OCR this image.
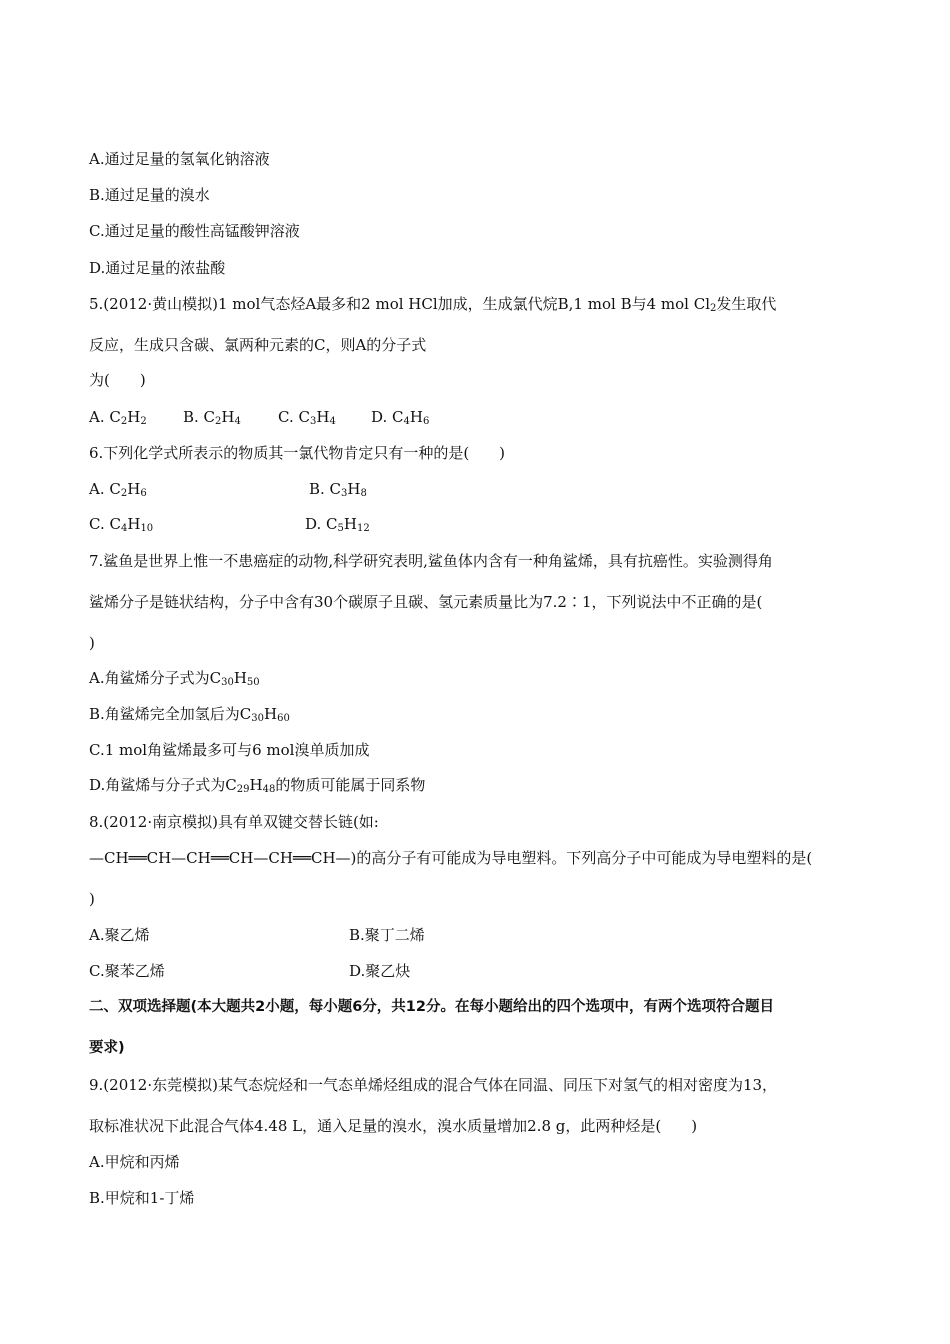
A.通过足量的氢氧化钠溶液

B.通过足量的溴水

C.通过足量的酸性高锰酸钾溶液

D.通过足量的浓盐酸

5.(2012·黄山模拟)1 mol气态烃A最多和2 mol HCl加成，生成氯代烷B,1 mol B与4 mol $Cl_2$发生取代

反应，生成只含碳、氯两种元素的C，则A的分子式

为(　　)

A. $C_2H_2$ B. $C_2H_4$ C. $C_3H_4$ D. $C_4H_6$

6.下列化学式所表示的物质其一氯代物肯定只有一种的是(　　)

A. $C_2H_6$	B. $C_3H_8$
C. $C_4H_{10}$	D. $C_5H_{12}$

7.鲨鱼是世界上惟一不患癌症的动物,科学研究表明,鲨鱼体内含有一种角鲨烯，具有抗癌性。实验测得角

鲨烯分子是链状结构，分子中含有30个碳原子且碳、氢元素质量比为7.2∶1，下列说法中不正确的是(

)

A.角鲨烯分子式为$C_{30}H_{50}$
B.角鲨烯完全加氢后为$C_{30}H_{60}$

C.1 mol角鲨烯最多可与6 mol溴单质加成

D.角鲨烯与分子式为$C_{29}H_{48}$的物质可能属于同系物

8.(2012·南京模拟)具有单双键交替长链(如:

—CH══CH—CH══CH—CH══CH—)的高分子有可能成为导电塑料。下列高分子中可能成为导电塑料的是(

)

A.聚乙烯	B.聚丁二烯

C.聚苯乙烯	D.聚乙炔

二、双项选择题(本大题共2小题，每小题6分，共12分。在每小题给出的四个选项中，有两个选项符合题目

要求)

9.(2012·东莞模拟)某气态烷烃和一气态单烯烃组成的混合气体在同温、同压下对氢气的相对密度为13，

取标准状况下此混合气体4.48 L，通入足量的溴水，溴水质量增加2.8 g，此两种烃是(　　)

A.甲烷和丙烯

B.甲烷和1-丁烯
